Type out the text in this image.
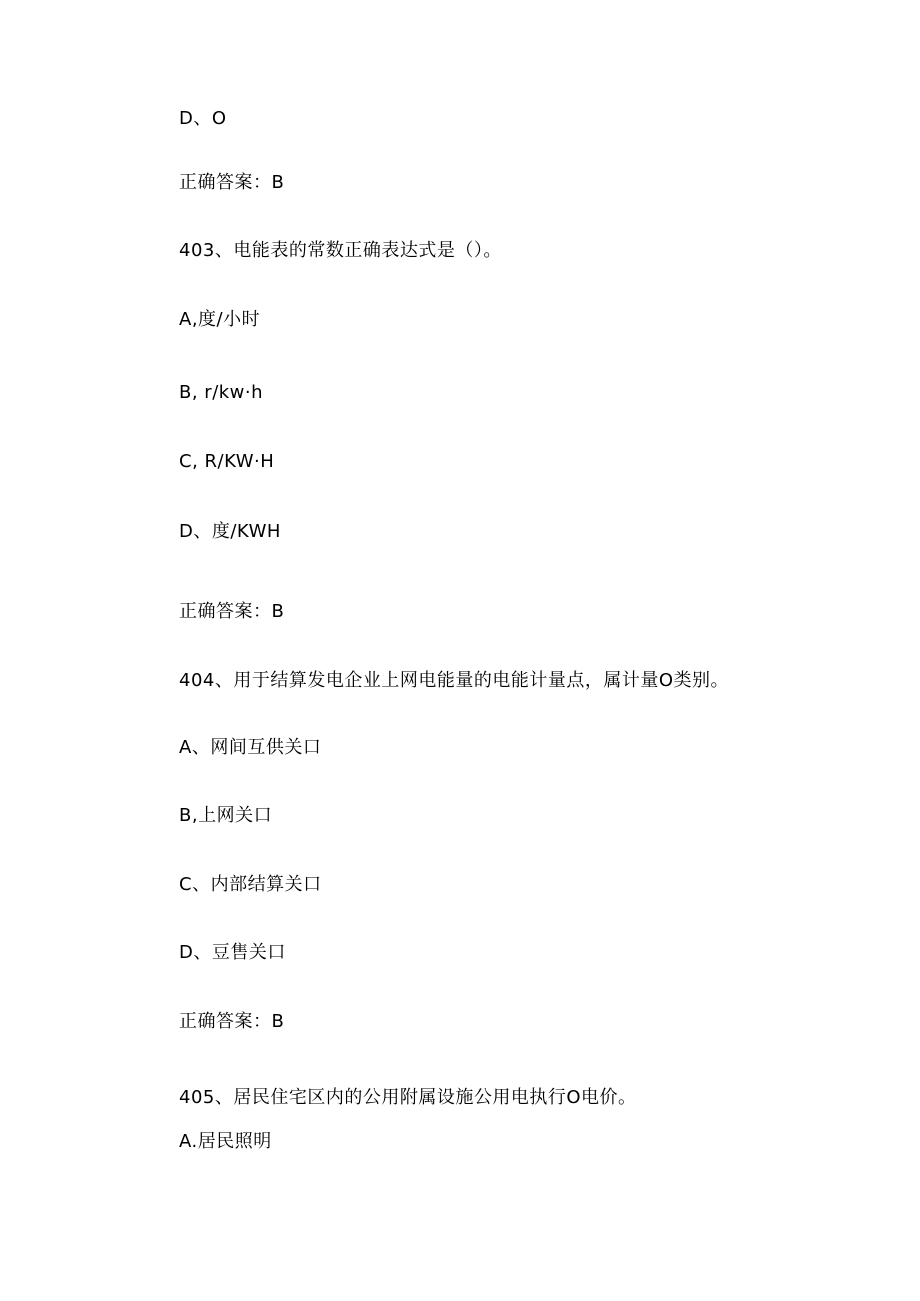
D、O
正确答案：B
403、电能表的常数正确表达式是（）。
A,度/小时
B, r/kw·h
C, R/KW·H
D、度/KWH
正确答案：B
404、用于结算发电企业上网电能量的电能计量点，属计量O类别。
A、网间互供关口
B,上网关口
C、内部结算关口
D、豆售关口
正确答案：B
405、居民住宅区内的公用附属设施公用电执行O电价。
A.居民照明
